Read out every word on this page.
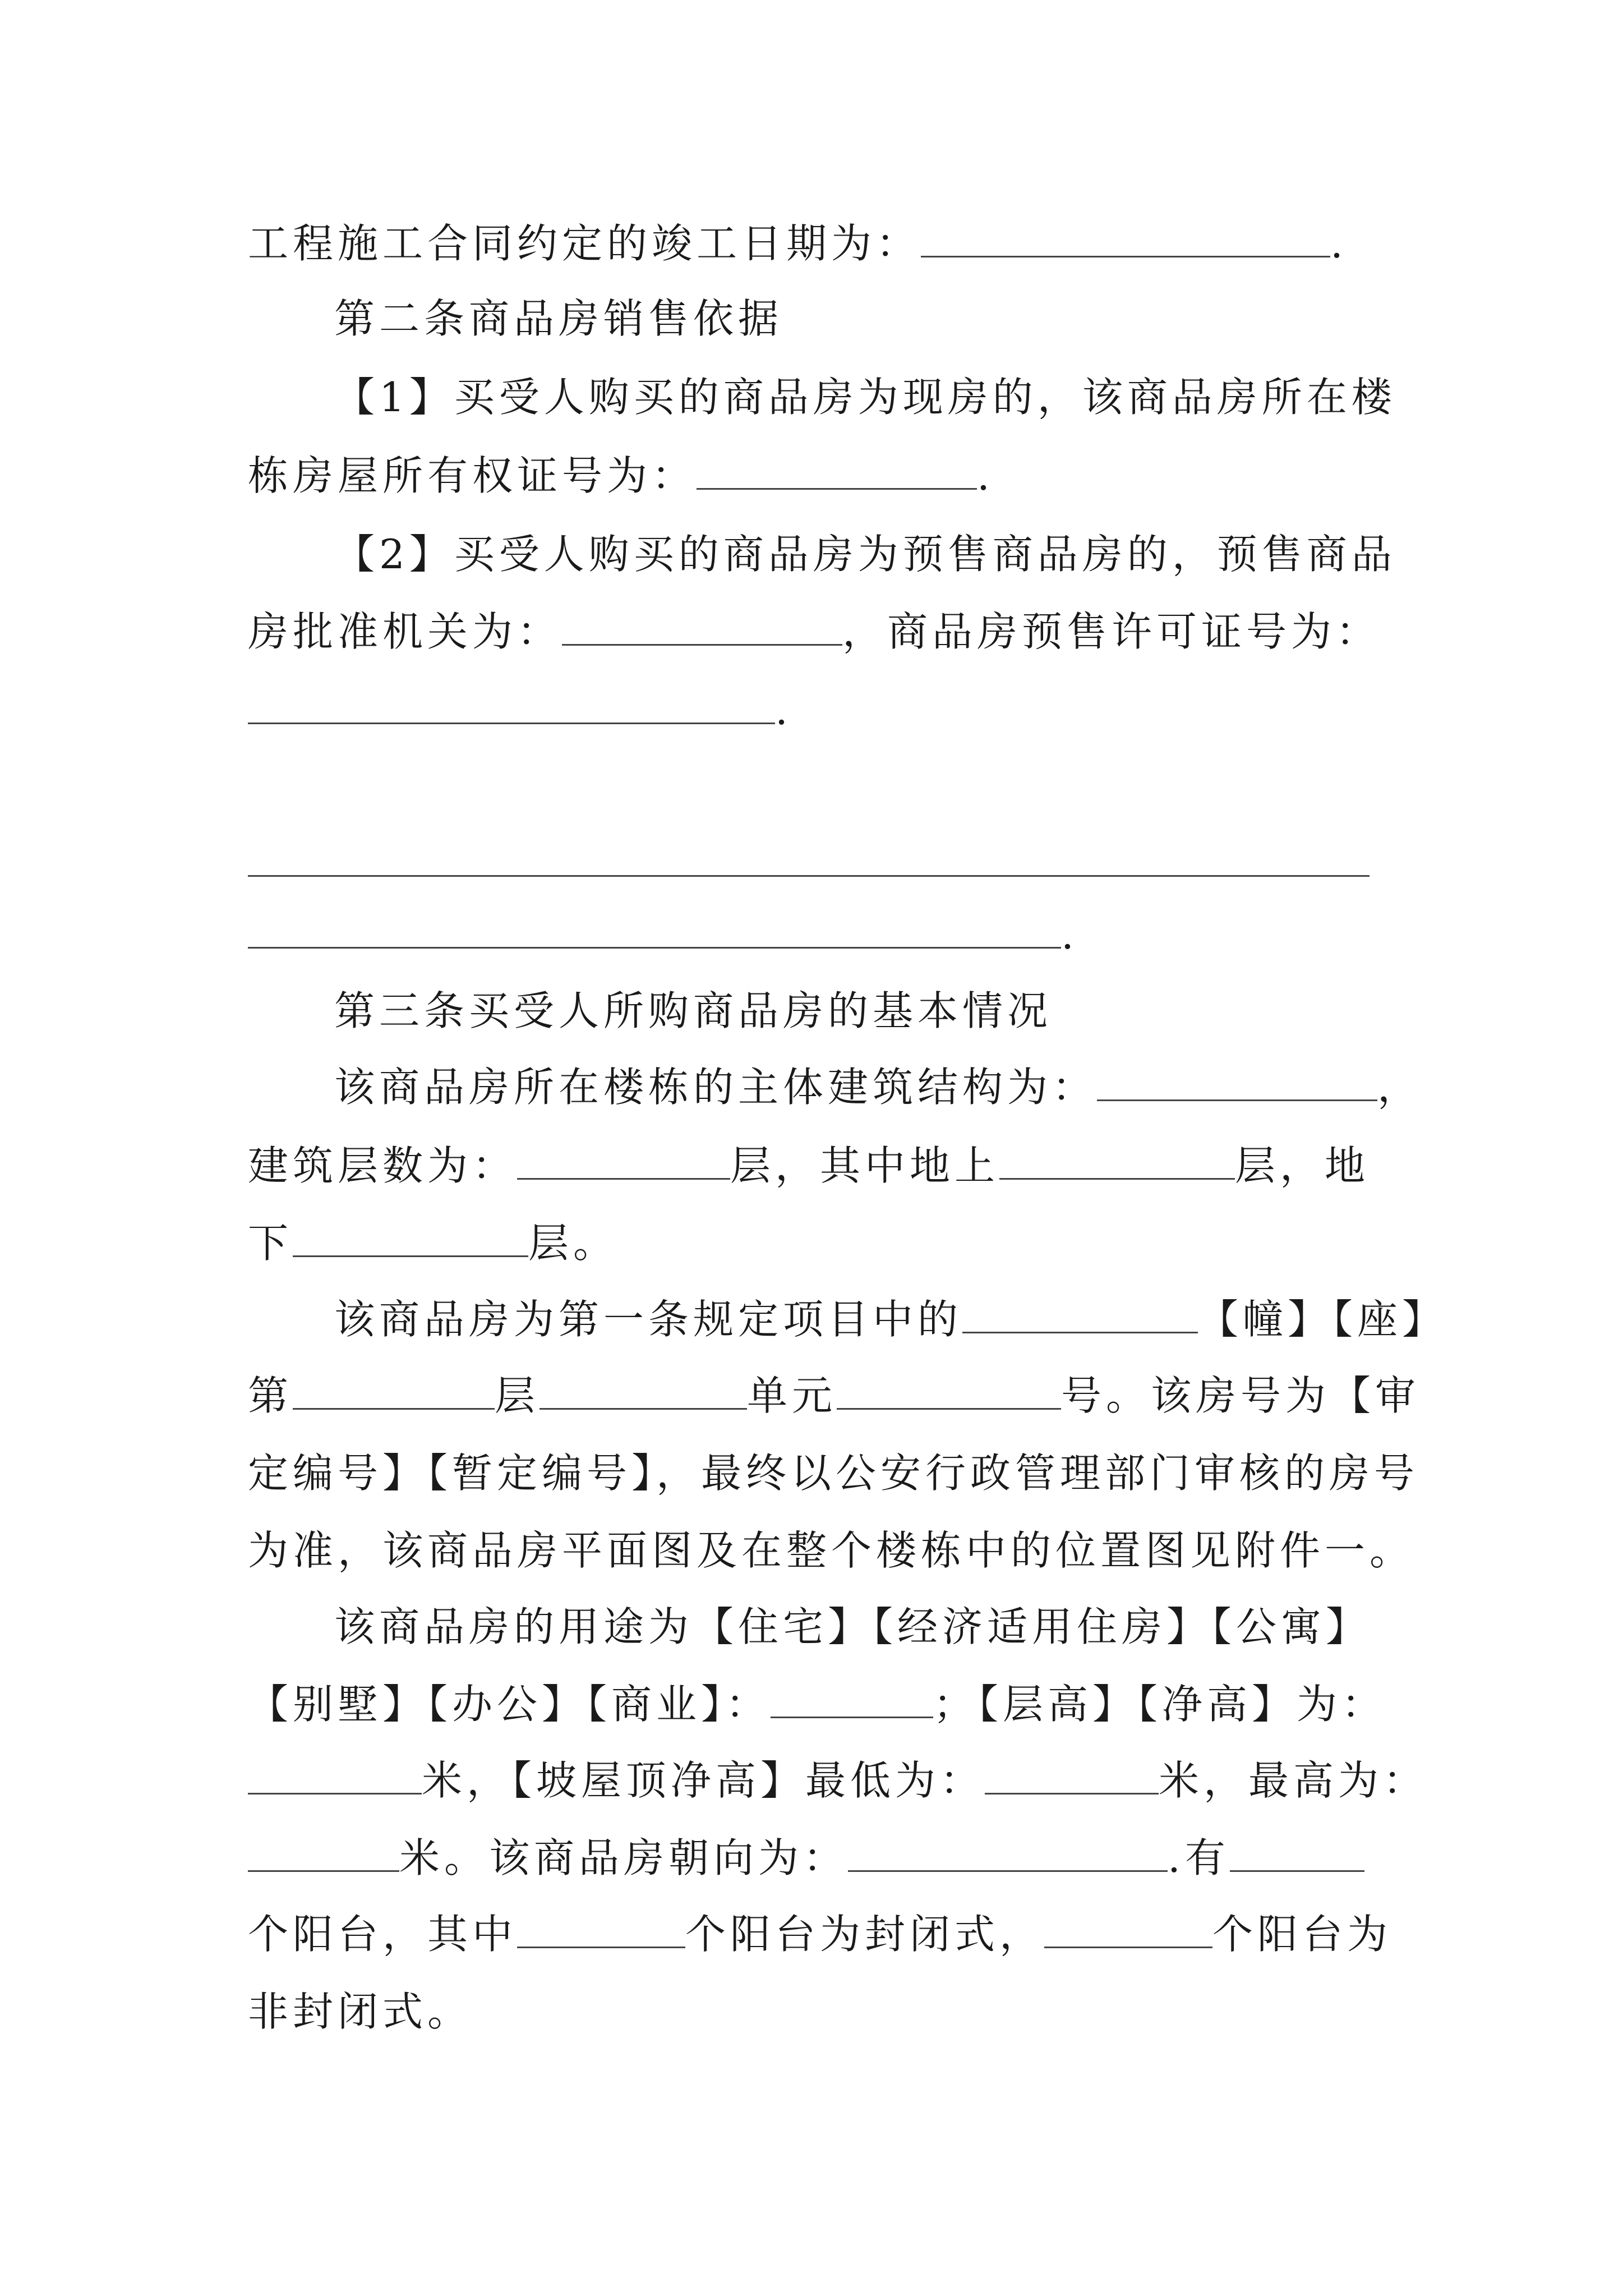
工程施工合同约定的竣工日期为：	.
第二条商品房销售依据
【1】买受人购买的商品房为现房的，该商品房所在楼
栋房屋所有权证号为：	.
【2】买受人购买的商品房为预售商品房的，预售商品
房批准机关为：	，商品房预售许可证号为：
.
.
第三条买受人所购商品房的基本情况
该商品房所在楼栋的主体建筑结构为：	，
建筑层数为：	层，其中地上	层，地
下	层。
该商品房为第一条规定项目中的	【幢】【座】
第	层	单元	号。该房号为【审
定编号】【暂定编号】，最终以公安行政管理部门审核的房号
为准，该商品房平面图及在整个楼栋中的位置图见附件一。
该商品房的用途为【住宅】【经济适用住房】【公寓】
【别墅】【办公】【商业】：	；【层高】【净高】为：
米，【坡屋顶净高】最低为：	米，最高为：
米。该商品房朝向为：	.有
个阳台，其中	个阳台为封闭式，	个阳台为
非封闭式。
